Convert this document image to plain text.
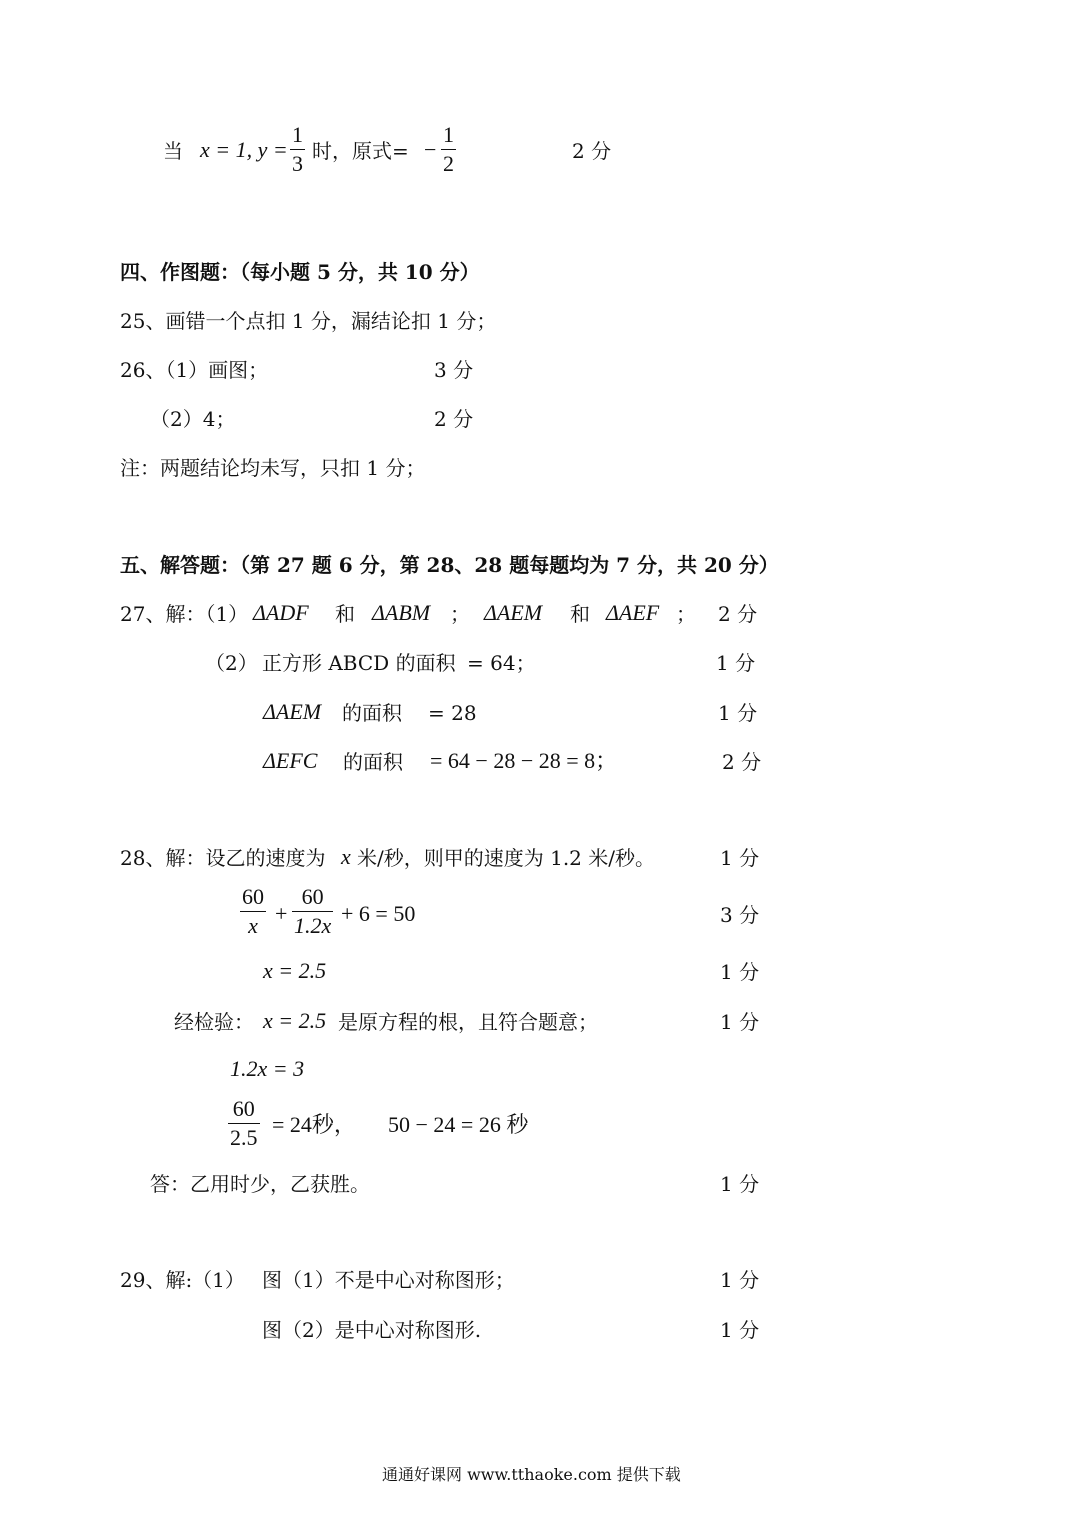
当 x = 1, y =
1
3 时，原式= −
1
2	2 分
四、作图题：（每小题 5 分，共 10 分）
25、画错一个点扣 1 分，漏结论扣 1 分；
26、（1）画图；	3 分
（2）4；	2 分
注：两题结论均未写，只扣 1 分；
五、解答题：（第 27 题 6 分，第 28、28 题每题均为 7 分，共 20 分）
27、解：（1） ΔADF 和 ΔABM ； ΔAEM 和 ΔAEF ； 2 分
（2） 正方形 ABCD 的面积 = 64；	1 分
ΔAEM 的面积 = 28	1 分
ΔEFC 的面积 = 64 − 28 − 28 = 8；	2 分
28、解：设乙的速度为 x 米/秒，则甲的速度为 1.2 米/秒。	1 分
60
x +
60
1.2x + 6 = 50	3 分
x = 2.5	1 分
经检验： x = 2.5 是原方程的根，且符合题意；	1 分
1.2x = 3
60
2.5
= 24秒， 50 − 24 = 26 秒
答：乙用时少，乙获胜。	1 分
29、解:（1） 图（1）不是中心对称图形；	1 分
图（2）是中心对称图形.	1 分
通通好课网 www.tthaoke.com 提供下载
